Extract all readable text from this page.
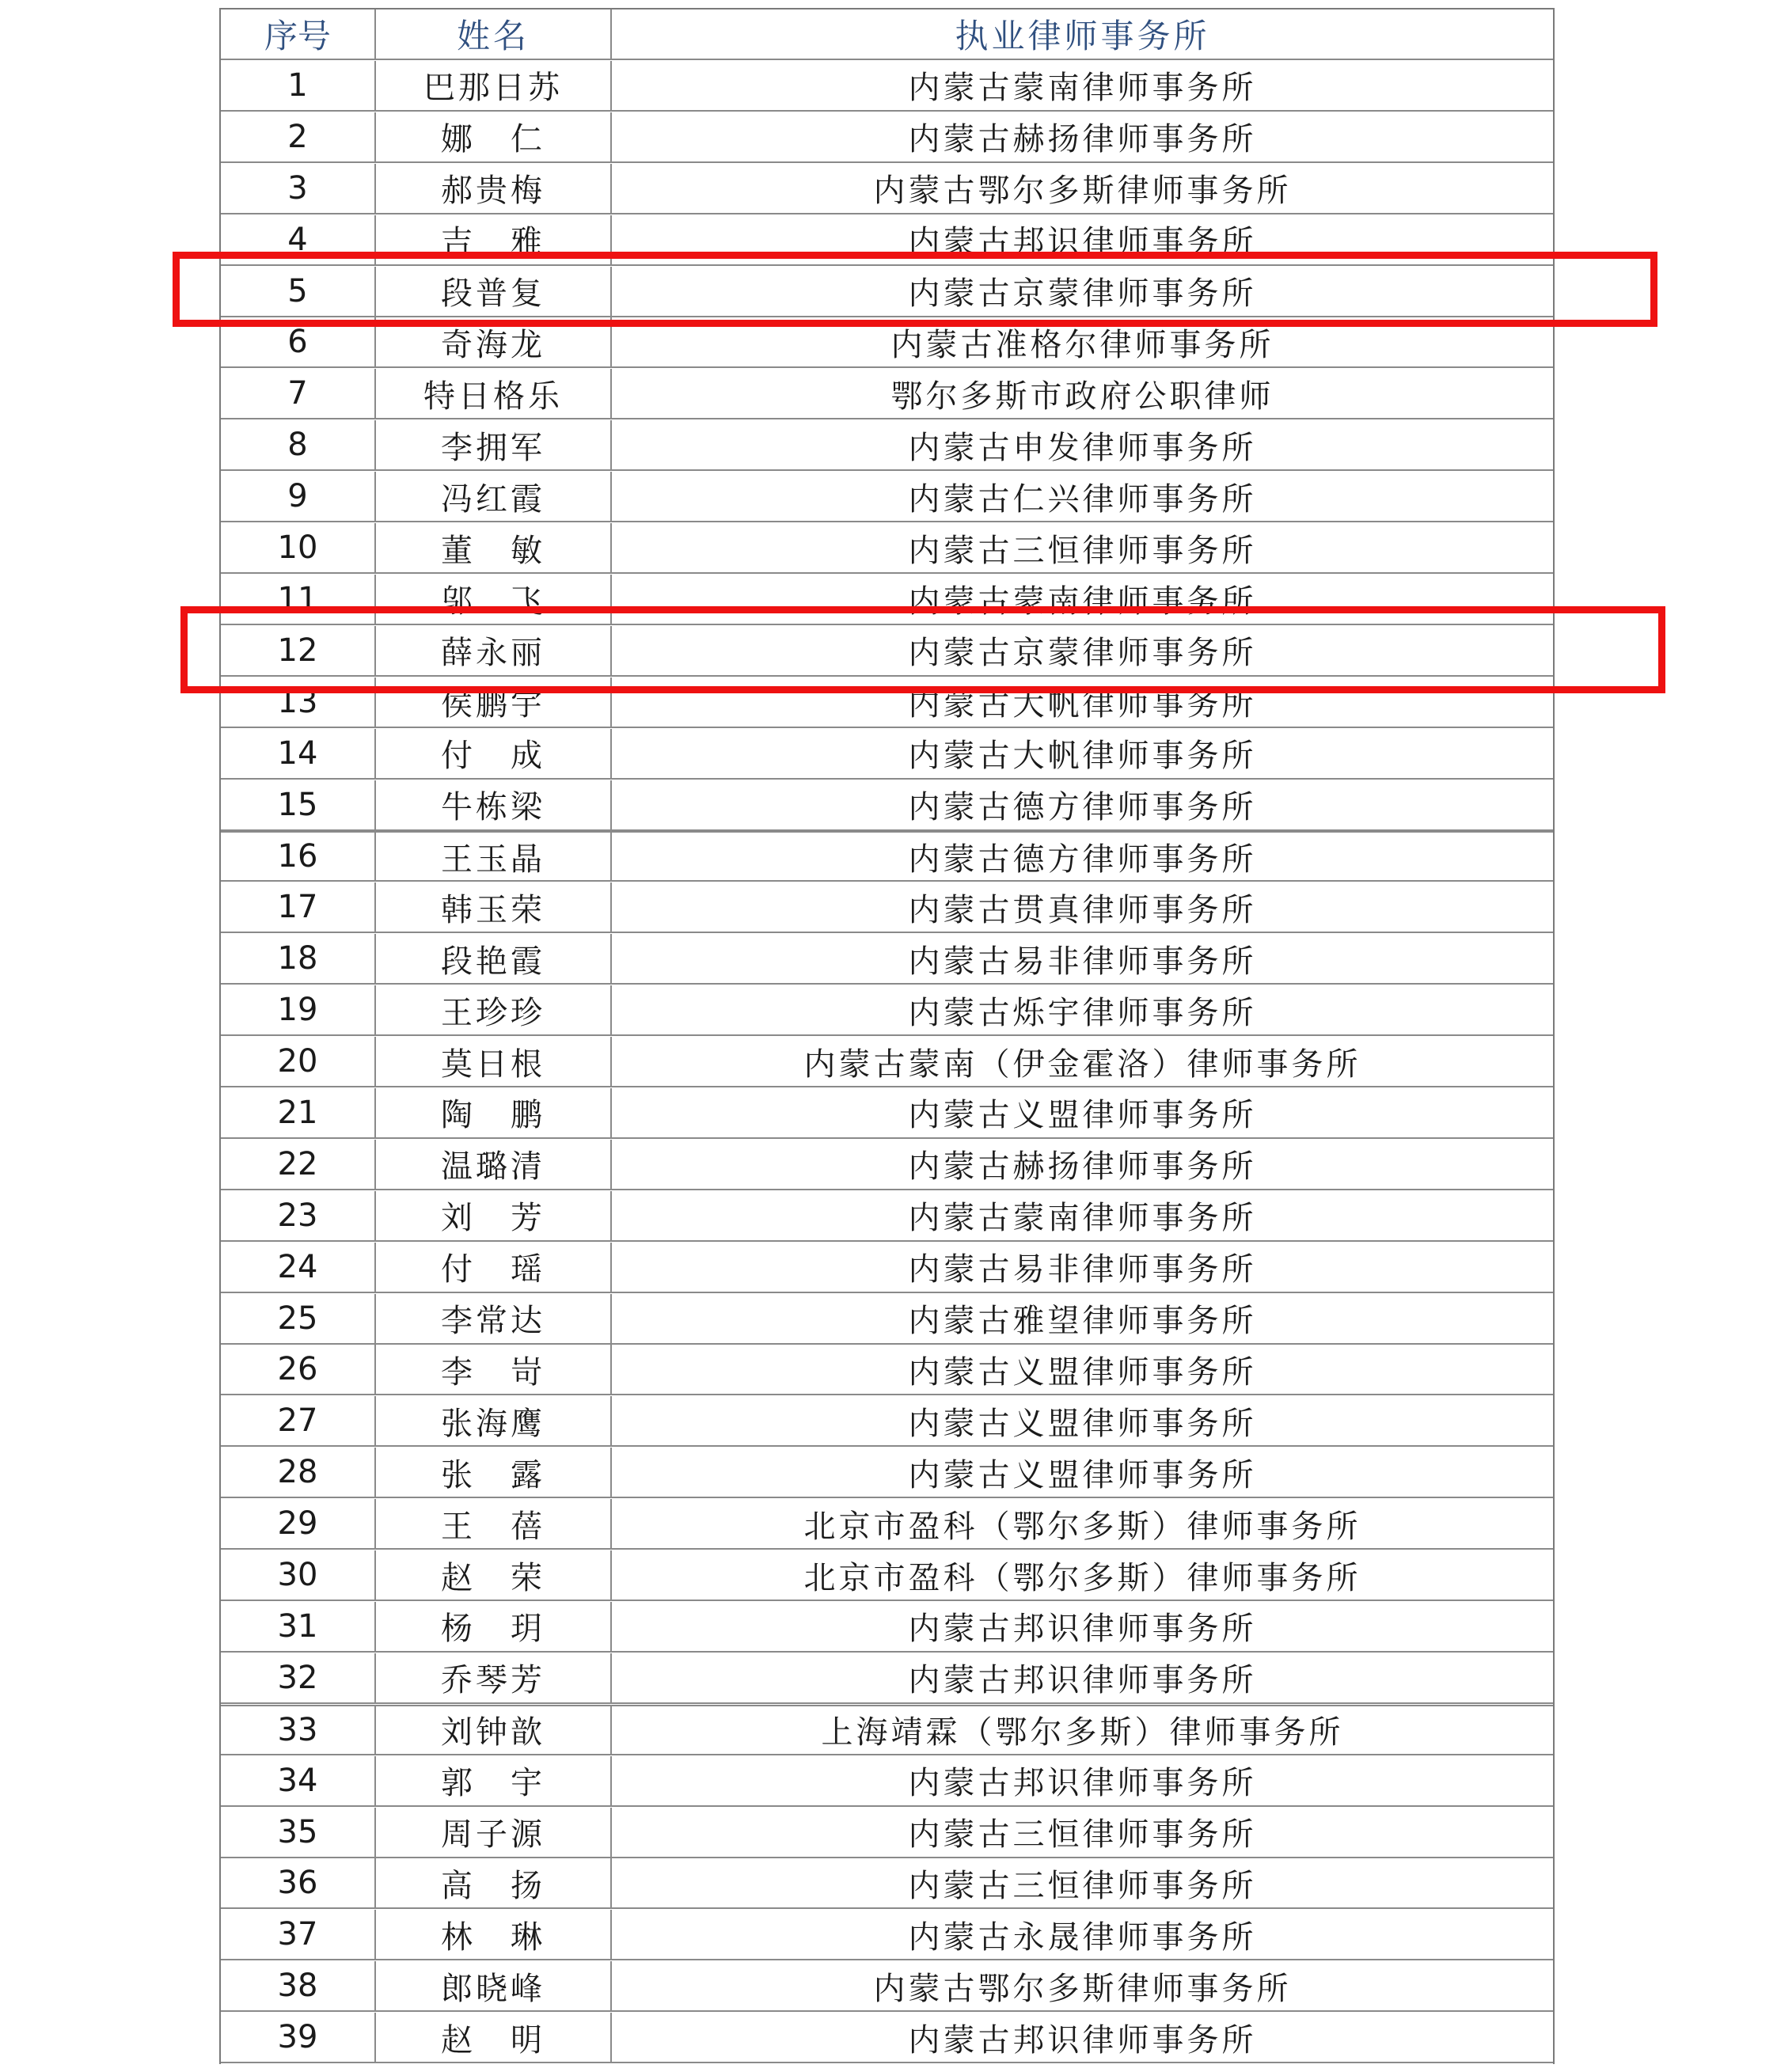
序号	姓名	执业律师事务所
1	巴那日苏	内蒙古蒙南律师事务所
2	娜　仁	内蒙古赫扬律师事务所
3	郝贵梅	内蒙古鄂尔多斯律师事务所
4	吉　雅	内蒙古邦识律师事务所
5	段普复	内蒙古京蒙律师事务所
6	奇海龙	内蒙古准格尔律师事务所
7	特日格乐	鄂尔多斯市政府公职律师
8	李拥军	内蒙古申发律师事务所
9	冯红霞	内蒙古仁兴律师事务所
10	董　敏	内蒙古三恒律师事务所
11	邬　飞	内蒙古蒙南律师事务所
12	薛永丽	内蒙古京蒙律师事务所
13	侯鹏宇	内蒙古大帆律师事务所
14	付　成	内蒙古大帆律师事务所
15	牛栋梁	内蒙古德方律师事务所
16	王玉晶	内蒙古德方律师事务所
17	韩玉荣	内蒙古贯真律师事务所
18	段艳霞	内蒙古易非律师事务所
19	王珍珍	内蒙古烁宇律师事务所
20	莫日根	内蒙古蒙南（伊金霍洛）律师事务所
21	陶　鹏	内蒙古义盟律师事务所
22	温璐清	内蒙古赫扬律师事务所
23	刘　芳	内蒙古蒙南律师事务所
24	付　瑶	内蒙古易非律师事务所
25	李常达	内蒙古雅望律师事务所
26	李　岢	内蒙古义盟律师事务所
27	张海鹰	内蒙古义盟律师事务所
28	张　露	内蒙古义盟律师事务所
29	王　蓓	北京市盈科（鄂尔多斯）律师事务所
30	赵　荣	北京市盈科（鄂尔多斯）律师事务所
31	杨　玥	内蒙古邦识律师事务所
32	乔琴芳	内蒙古邦识律师事务所
33	刘钟歆	上海靖霖（鄂尔多斯）律师事务所
34	郭　宇	内蒙古邦识律师事务所
35	周子源	内蒙古三恒律师事务所
36	高　扬	内蒙古三恒律师事务所
37	林　琳	内蒙古永晟律师事务所
38	郎晓峰	内蒙古鄂尔多斯律师事务所
39	赵　明	内蒙古邦识律师事务所
